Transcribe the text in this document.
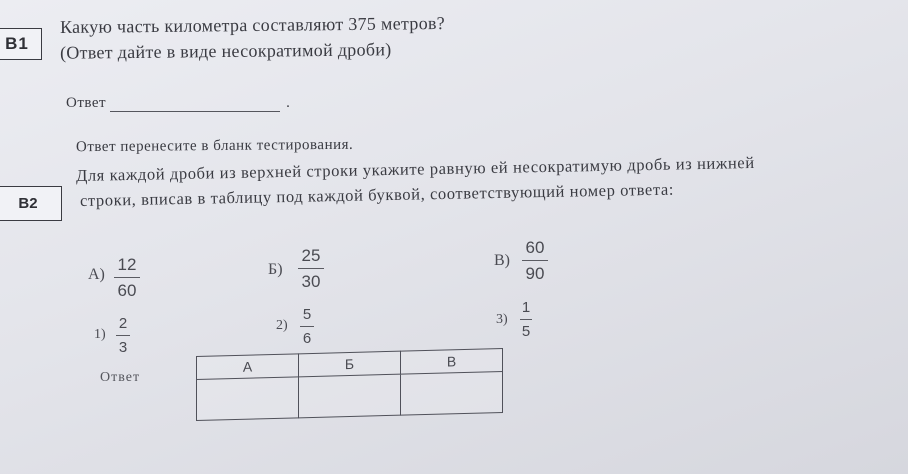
В1
Какую часть километра составляют 375 метров?
(Ответ дайте в виде несократимой дроби)
Ответ	.
Ответ перенесите в бланк тестирования.
В2
Для каждой дроби из верхней строки укажите равную ей несократимую дробь из нижней
строки, вписав в таблицу под каждой буквой, соответствующий номер ответа:
А)
12
60
Б)
25
30
В)
60
90
1)
2
3
2)
5
6
3)
1
5
Ответ
А	Б	В
